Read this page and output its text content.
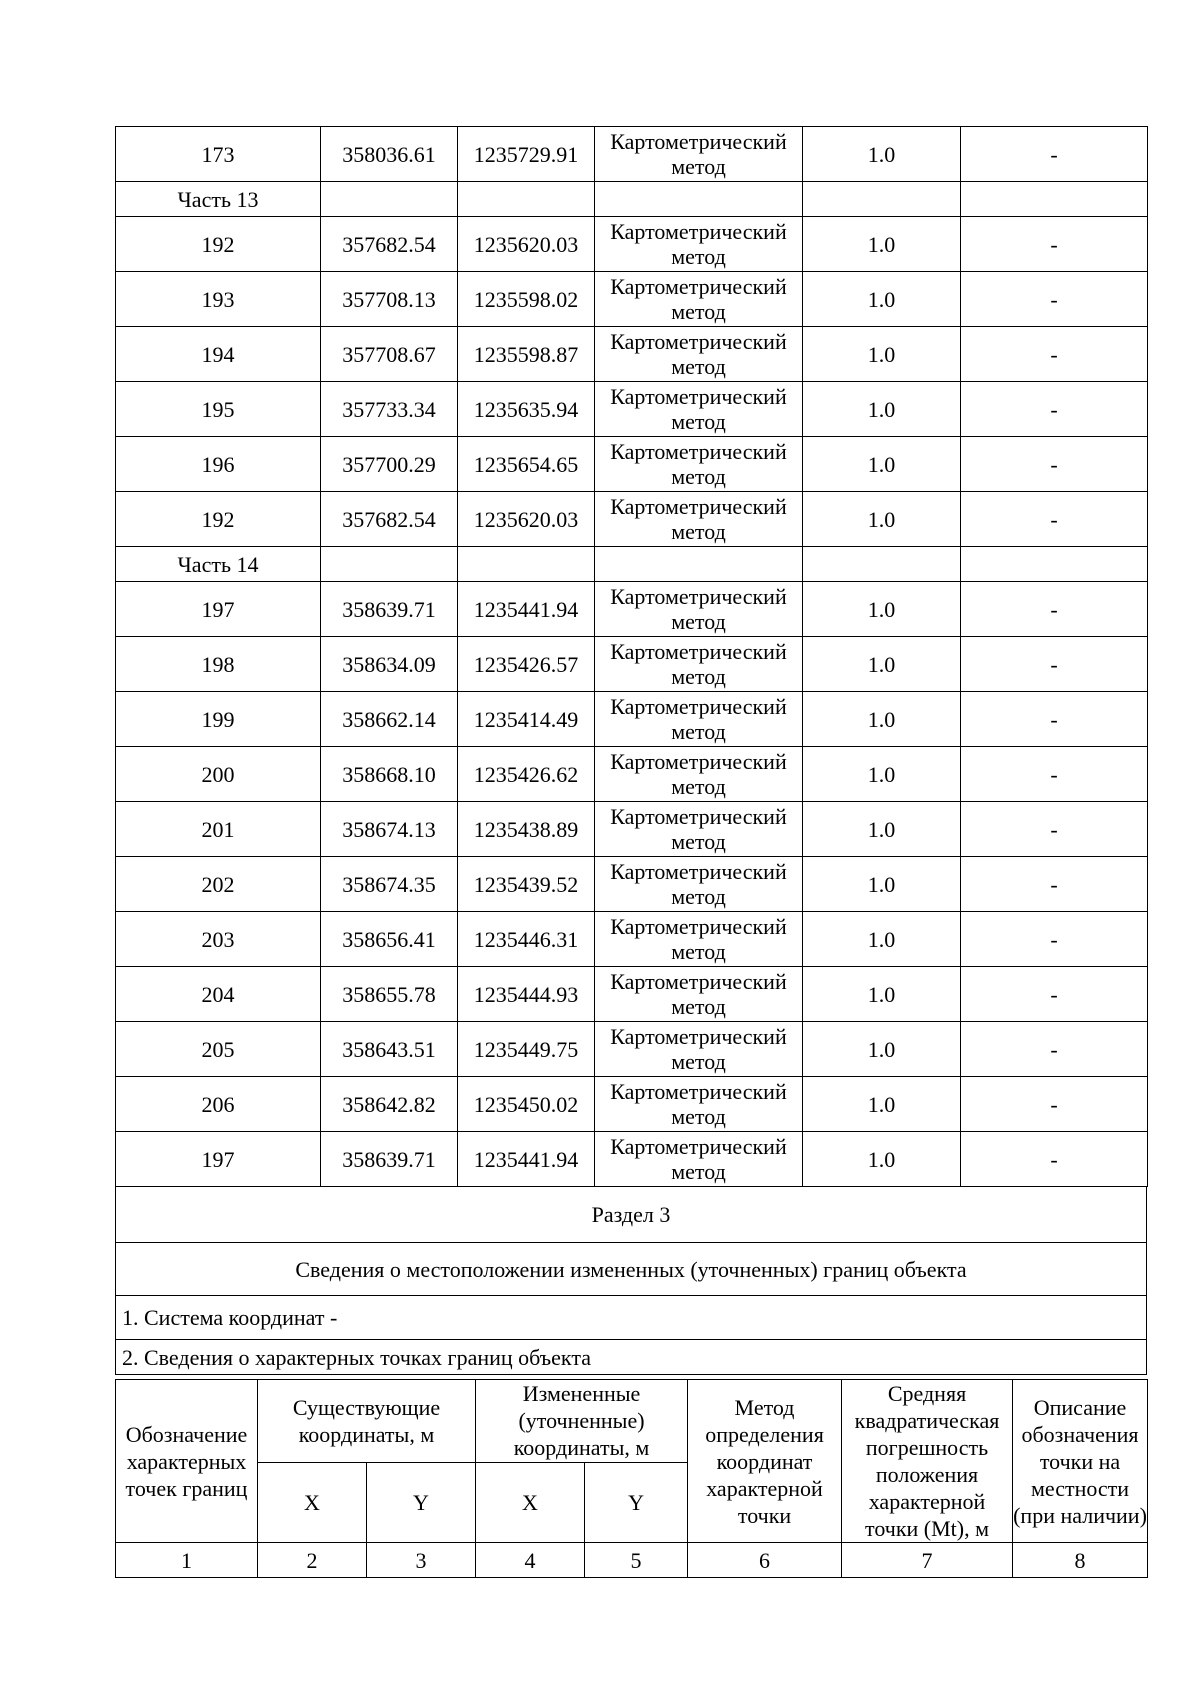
173	358036.61	1235729.91	Картометрический метод	1.0	-
Часть 13					
192	357682.54	1235620.03	Картометрический метод	1.0	-
193	357708.13	1235598.02	Картометрический метод	1.0	-
194	357708.67	1235598.87	Картометрический метод	1.0	-
195	357733.34	1235635.94	Картометрический метод	1.0	-
196	357700.29	1235654.65	Картометрический метод	1.0	-
192	357682.54	1235620.03	Картометрический метод	1.0	-
Часть 14					
197	358639.71	1235441.94	Картометрический метод	1.0	-
198	358634.09	1235426.57	Картометрический метод	1.0	-
199	358662.14	1235414.49	Картометрический метод	1.0	-
200	358668.10	1235426.62	Картометрический метод	1.0	-
201	358674.13	1235438.89	Картометрический метод	1.0	-
202	358674.35	1235439.52	Картометрический метод	1.0	-
203	358656.41	1235446.31	Картометрический метод	1.0	-
204	358655.78	1235444.93	Картометрический метод	1.0	-
205	358643.51	1235449.75	Картометрический метод	1.0	-
206	358642.82	1235450.02	Картометрический метод	1.0	-
197	358639.71	1235441.94	Картометрический метод	1.0	-
Раздел 3
Сведения о местоположении измененных (уточненных) границ объекта
1. Система координат -
2. Сведения о характерных точках границ объекта
Обозначение характерных точек границ	Существующие координаты, м		Измененные (уточненные) координаты, м		Метод определения координат характерной точки	Средняя квадратическая погрешность положения характерной точки (Mt), м	Описание обозначения точки на местности (при наличии)
	X	Y	X	Y			
1	2	3	4	5	6	7	8
